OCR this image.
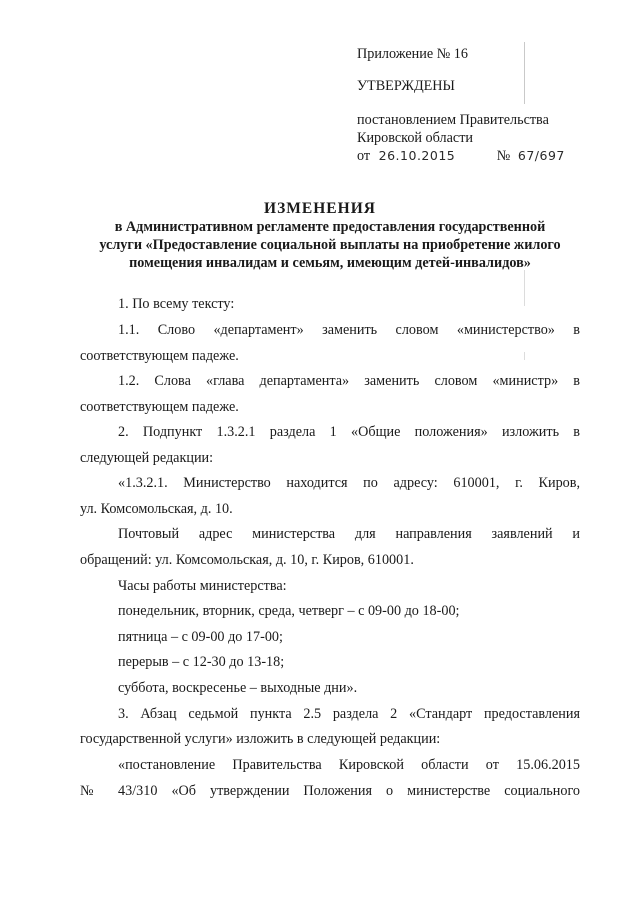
Приложение № 16
УТВЕРЖДЕНЫ
постановлением Правительства
Кировской области
от 26.10.2015	№ 67/697
ИЗМЕНЕНИЯ
в Административном регламенте предоставления государственной
услуги «Предоставление социальной выплаты на приобретение жилого
помещения инвалидам и семьям, имеющим детей-инвалидов»
1. По всему тексту:
1.1. Слово «департамент» заменить словом «министерство» в
соответствующем падеже.
1.2. Слова «глава департамента» заменить словом «министр» в
соответствующем падеже.
2. Подпункт 1.3.2.1 раздела 1 «Общие положения» изложить в
следующей редакции:
«1.3.2.1. Министерство находится по адресу: 610001, г. Киров,
ул. Комсомольская, д. 10.
Почтовый адрес министерства для направления заявлений и
обращений: ул. Комсомольская, д. 10, г. Киров, 610001.
Часы работы министерства:
понедельник, вторник, среда, четверг – с 09-00 до 18-00;
пятница – с 09-00 до 17-00;
перерыв – с 12-30 до 13-18;
суббота, воскресенье – выходные дни».
3. Абзац седьмой пункта 2.5 раздела 2 «Стандарт предоставления
государственной услуги» изложить в следующей редакции:
«постановление Правительства Кировской области от 15.06.2015
№ 43/310 «Об утверждении Положения о министерстве социального
